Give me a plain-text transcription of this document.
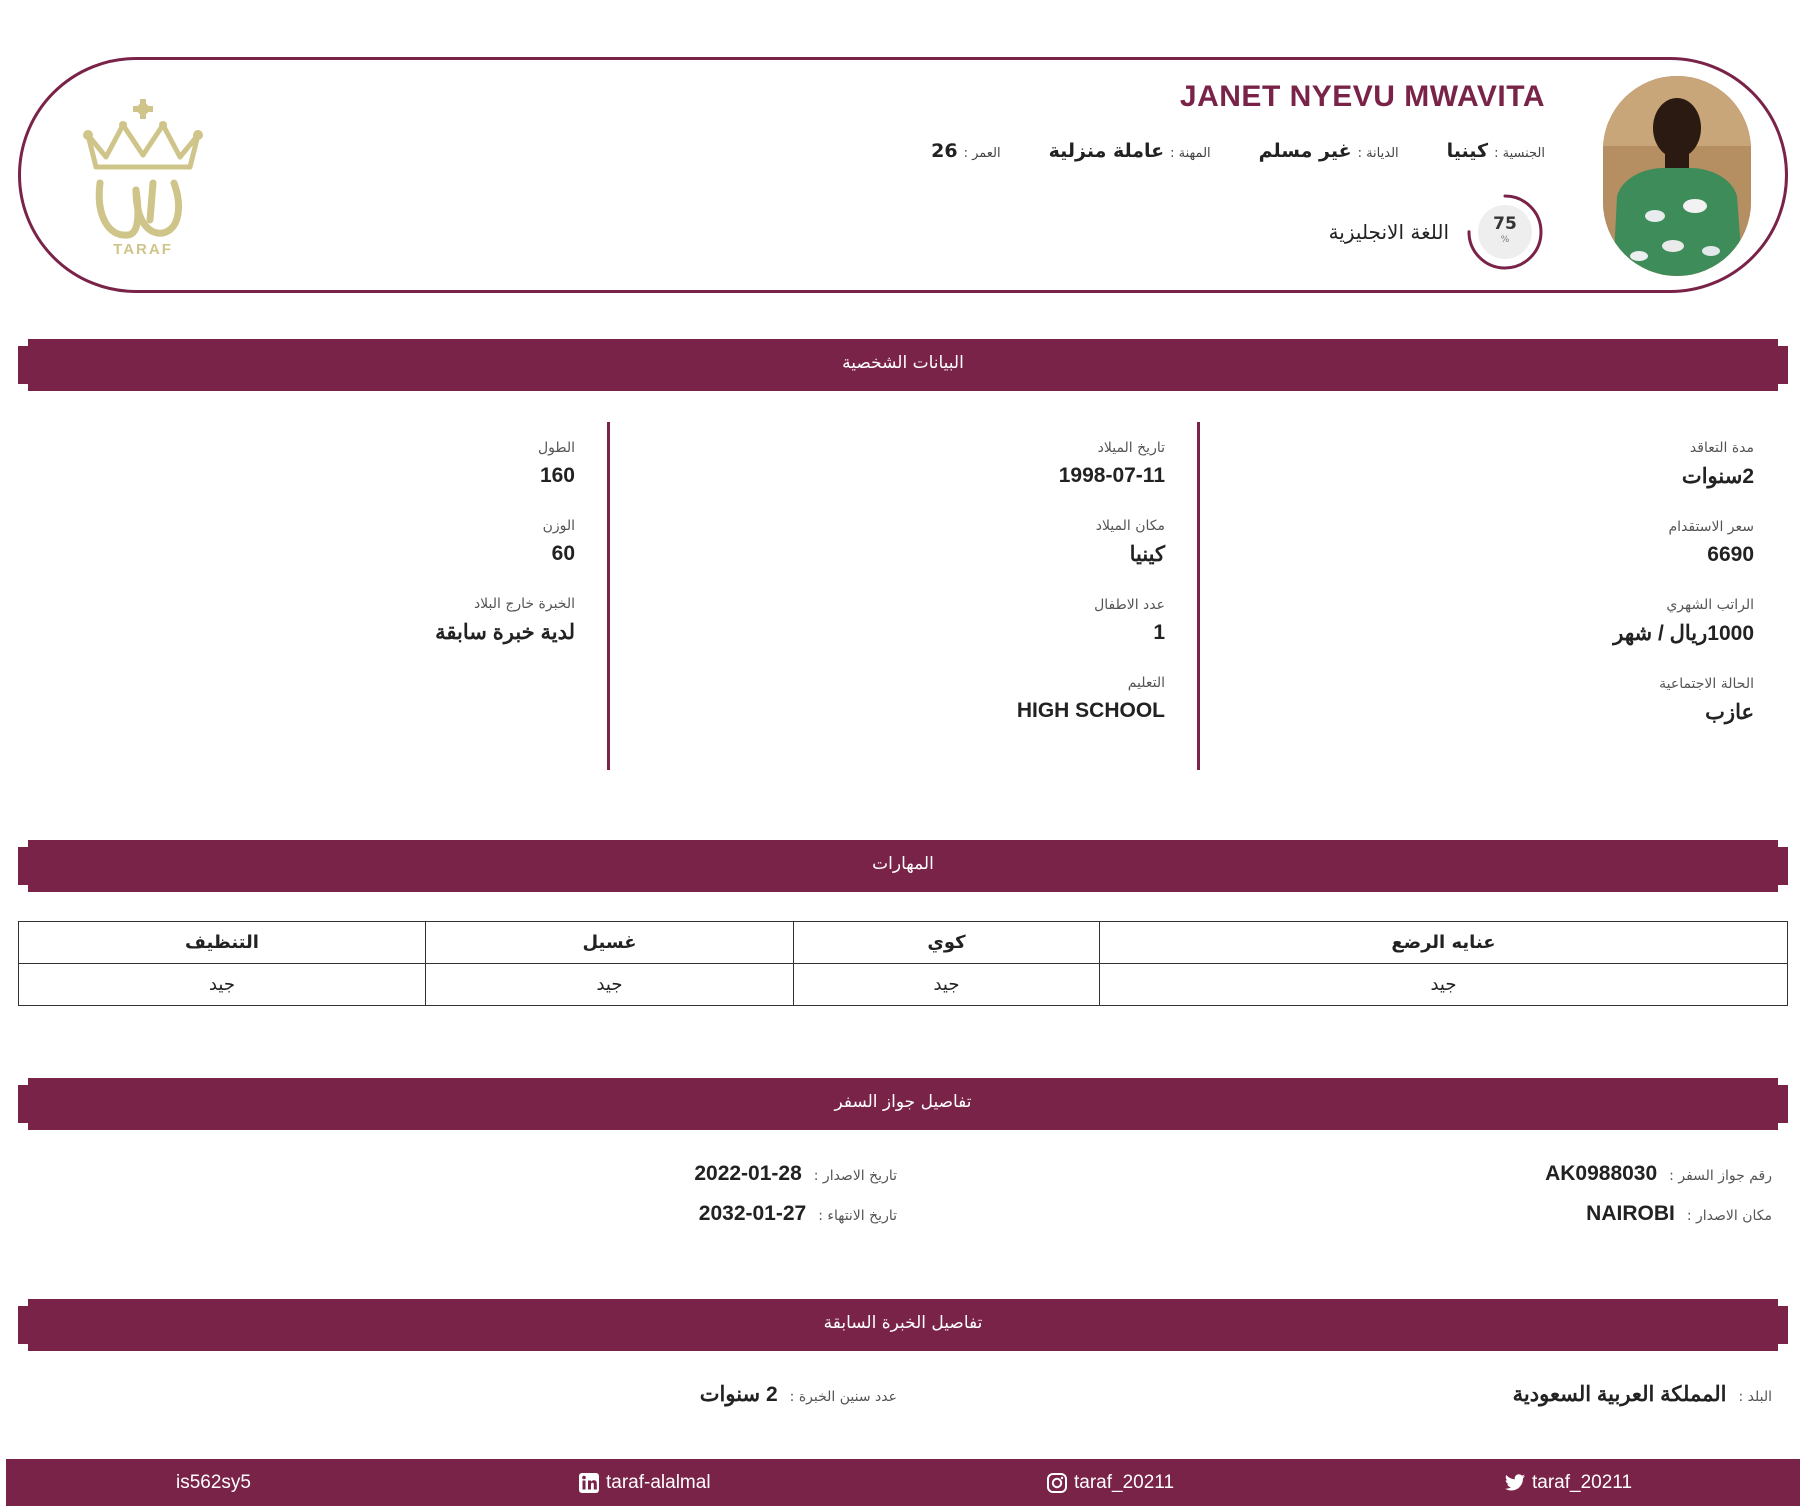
TARAF
JANET NYEVU MWAVITA
الجنسية :
كينيا
الديانة :
غير مسلم
المهنة :
عاملة منزلية
العمر :
26
75
%
اللغة الانجليزية
البيانات الشخصية
مدة التعاقد
2سنوات
سعر الاستقدام
6690
الراتب الشهري
1000ريال / شهر
الحالة الاجتماعية
عازب
تاريخ الميلاد
1998-07-11
مكان الميلاد
كينيا
عدد الاطفال
1
التعليم
HIGH SCHOOL
الطول
160
الوزن
60
الخبرة خارج البلاد
لدية خبرة سابقة
المهارات
عنايه الرضع	كوي	غسيل	التنظيف
جيد	جيد	جيد	جيد
تفاصيل جواز السفر
رقم جواز السفر :
AK0988030
مكان الاصدار :
NAIROBI
تاريخ الاصدار :
2022-01-28
تاريخ الانتهاء :
2032-01-27
تفاصيل الخبرة السابقة
البلد :
المملكة العربية السعودية
عدد سنين الخبرة :
2 سنوات
is562sy5	taraf-alalmal	taraf_20211	taraf_20211
